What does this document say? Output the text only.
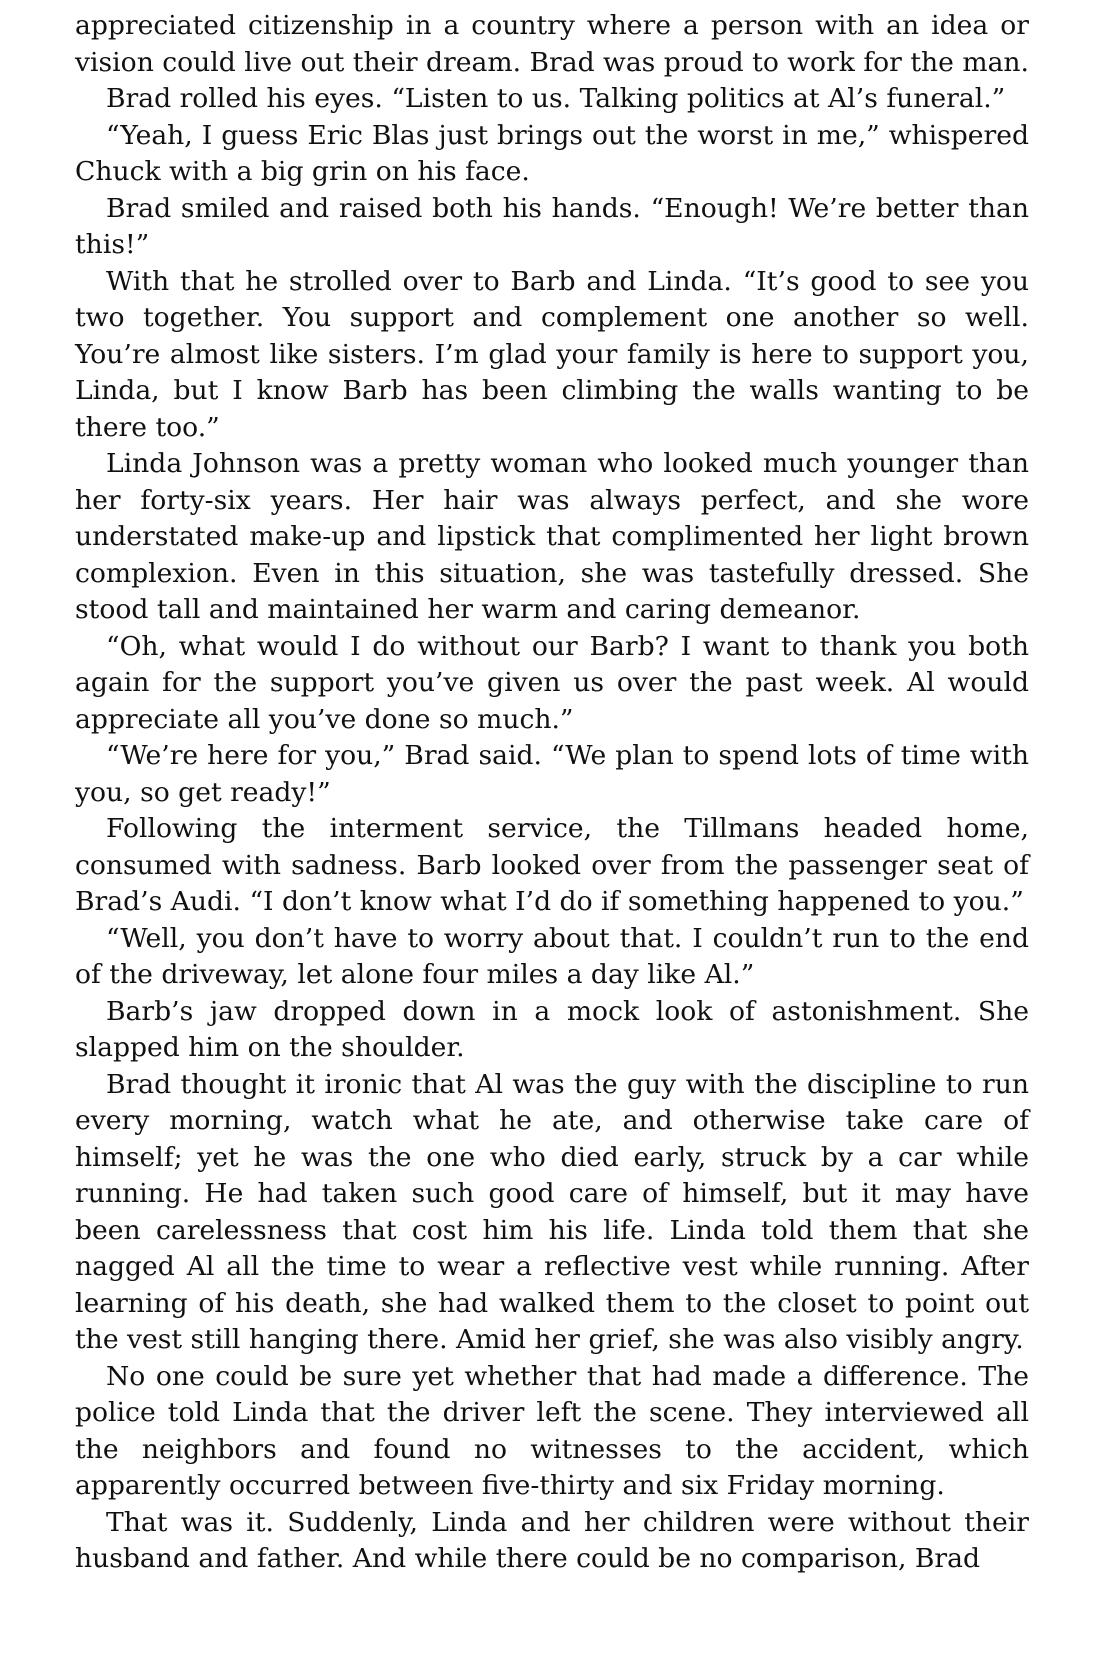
appreciated citizenship in a country where a person with an idea or vision could live out their dream. Brad was proud to work for the man.

Brad rolled his eyes. “Listen to us. Talking politics at Al’s funeral.”

“Yeah, I guess Eric Blas just brings out the worst in me,” whispered Chuck with a big grin on his face.

Brad smiled and raised both his hands. “Enough! We’re better than this!”

With that he strolled over to Barb and Linda. “It’s good to see you two together. You support and complement one another so well. You’re almost like sisters. I’m glad your family is here to support you, Linda, but I know Barb has been climbing the walls wanting to be there too.”

Linda Johnson was a pretty woman who looked much younger than her forty-six years. Her hair was always perfect, and she wore understated make-up and lipstick that complimented her light brown complexion. Even in this situation, she was tastefully dressed. She stood tall and maintained her warm and caring demeanor.

“Oh, what would I do without our Barb? I want to thank you both again for the support you’ve given us over the past week. Al would appreciate all you’ve done so much.”

“We’re here for you,” Brad said. “We plan to spend lots of time with you, so get ready!”

Following the interment service, the Tillmans headed home, consumed with sadness. Barb looked over from the passenger seat of Brad’s Audi. “I don’t know what I’d do if something happened to you.”

“Well, you don’t have to worry about that. I couldn’t run to the end of the driveway, let alone four miles a day like Al.”

Barb’s jaw dropped down in a mock look of astonishment. She slapped him on the shoulder.

Brad thought it ironic that Al was the guy with the discipline to run every morning, watch what he ate, and otherwise take care of himself; yet he was the one who died early, struck by a car while running. He had taken such good care of himself, but it may have been carelessness that cost him his life. Linda told them that she nagged Al all the time to wear a reflective vest while running. After learning of his death, she had walked them to the closet to point out the vest still hanging there. Amid her grief, she was also visibly angry.

No one could be sure yet whether that had made a difference. The police told Linda that the driver left the scene. They interviewed all the neighbors and found no witnesses to the accident, which apparently occurred between five-thirty and six Friday morning.

That was it. Suddenly, Linda and her children were without their husband and father. And while there could be no comparison, Brad
